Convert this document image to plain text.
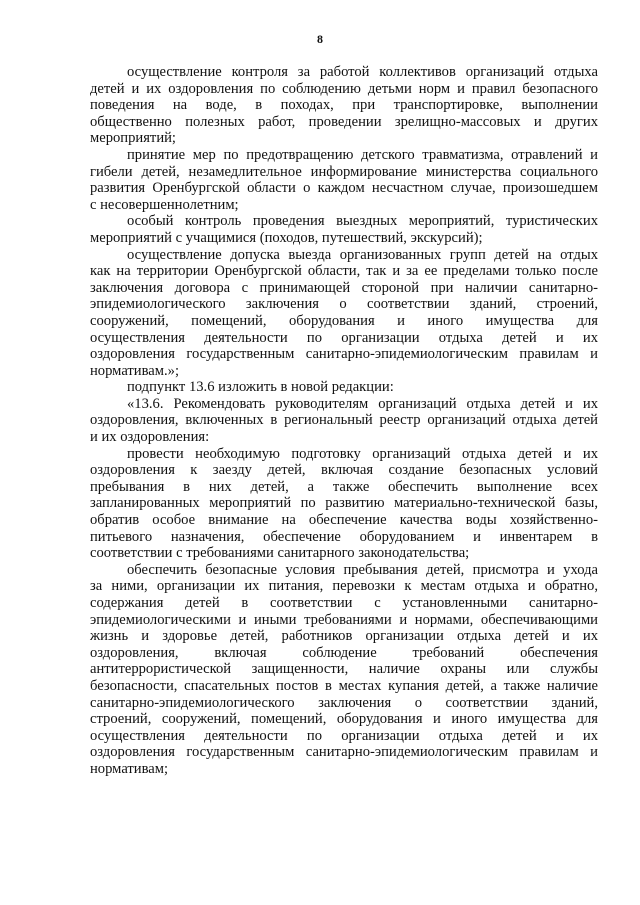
8

осуществление контроля за работой коллективов организаций отдыха
детей и их оздоровления по соблюдению детьми норм и правил безопасного
поведения на воде, в походах, при транспортировке, выполнении
общественно полезных работ, проведении зрелищно-массовых и других
мероприятий;

принятие мер по предотвращению детского травматизма, отравлений и
гибели детей, незамедлительное информирование министерства социального
развития Оренбургской области о каждом несчастном случае, произошедшем
с несовершеннолетним;

особый контроль проведения выездных мероприятий, туристических
мероприятий с учащимися (походов, путешествий, экскурсий);

осуществление допуска выезда организованных групп детей на отдых
как на территории Оренбургской области, так и за ее пределами только после
заключения договора с принимающей стороной при наличии санитарно-
эпидемиологического заключения о соответствии зданий, строений,
сооружений, помещений, оборудования и иного имущества для
осуществления деятельности по организации отдыха детей и их
оздоровления государственным санитарно-эпидемиологическим правилам и
нормативам.»;

подпункт 13.6 изложить в новой редакции:

«13.6. Рекомендовать руководителям организаций отдыха детей и их
оздоровления, включенных в региональный реестр организаций отдыха детей
и их оздоровления:

провести необходимую подготовку организаций отдыха детей и их
оздоровления к заезду детей, включая создание безопасных условий
пребывания в них детей, а также обеспечить выполнение всех
запланированных мероприятий по развитию материально-технической базы,
обратив особое внимание на обеспечение качества воды хозяйственно-
питьевого назначения, обеспечение оборудованием и инвентарем в
соответствии с требованиями санитарного законодательства;

обеспечить безопасные условия пребывания детей, присмотра и ухода
за ними, организации их питания, перевозки к местам отдыха и обратно,
содержания детей в соответствии с установленными санитарно-
эпидемиологическими и иными требованиями и нормами, обеспечивающими
жизнь и здоровье детей, работников организации отдыха детей и их
оздоровления, включая соблюдение требований обеспечения
антитеррористической защищенности, наличие охраны или службы
безопасности, спасательных постов в местах купания детей, а также наличие
санитарно-эпидемиологического заключения о соответствии зданий,
строений, сооружений, помещений, оборудования и иного имущества для
осуществления деятельности по организации отдыха детей и их
оздоровления государственным санитарно-эпидемиологическим правилам и
нормативам;
